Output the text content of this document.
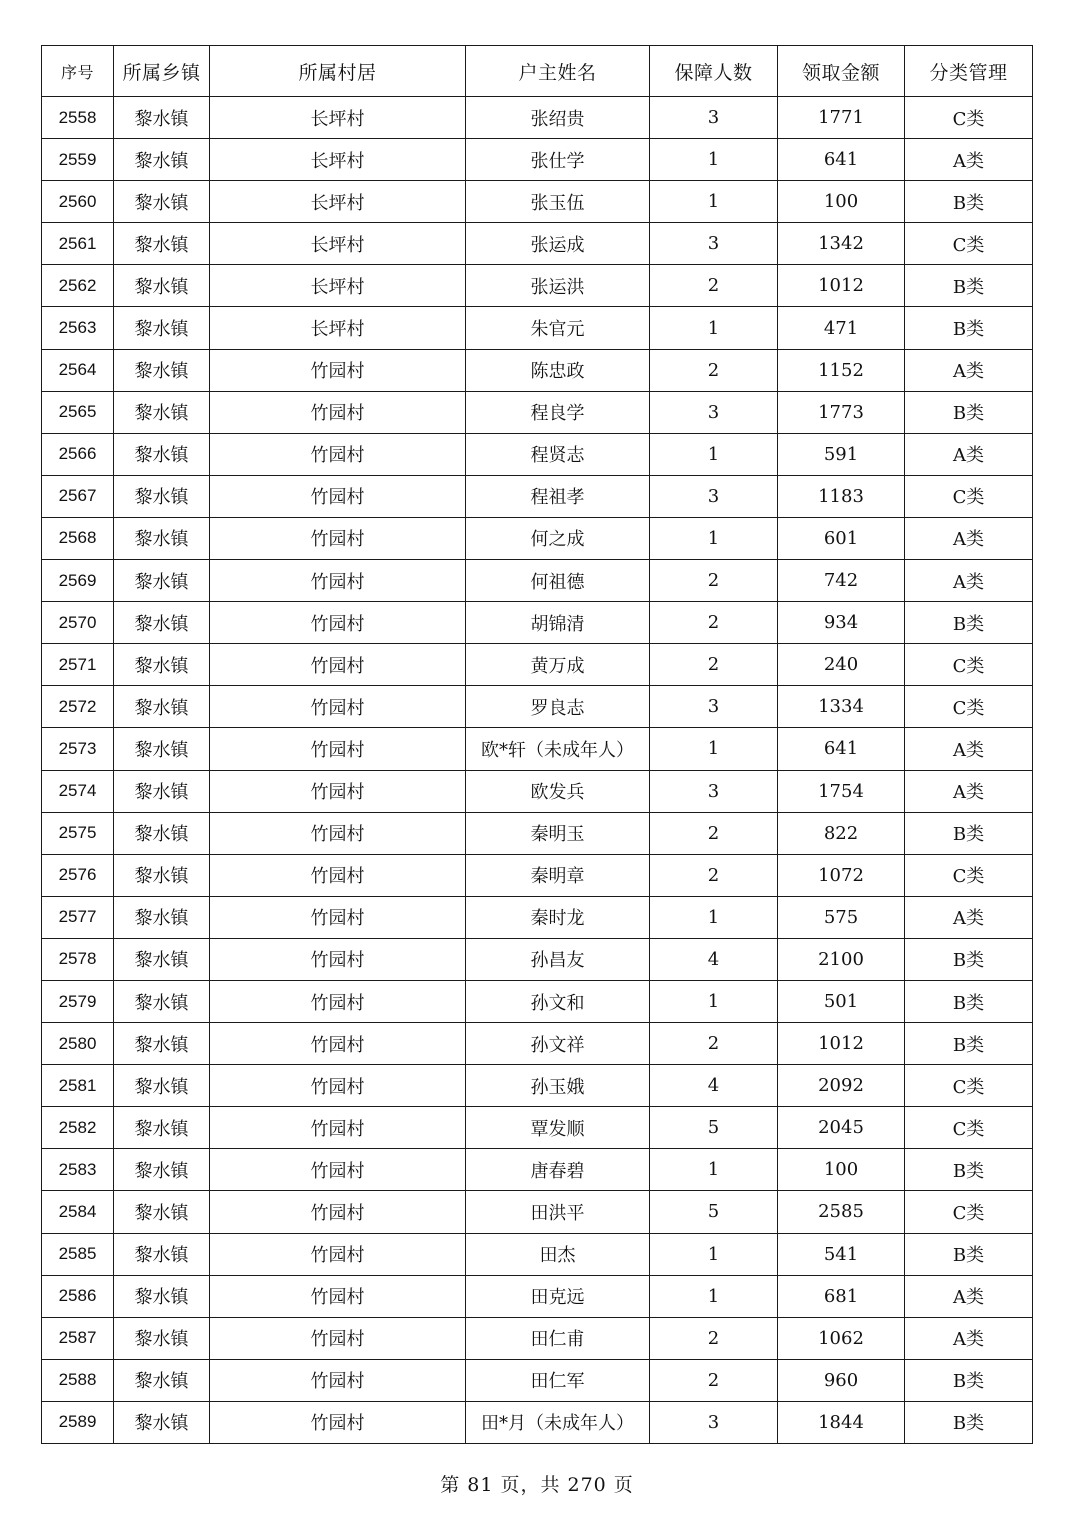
序号	所属乡镇	所属村居	户主姓名	保障人数	领取金额	分类管理
2558	黎水镇	长坪村	张绍贵	3	1771	C类
2559	黎水镇	长坪村	张仕学	1	641	A类
2560	黎水镇	长坪村	张玉伍	1	100	B类
2561	黎水镇	长坪村	张运成	3	1342	C类
2562	黎水镇	长坪村	张运洪	2	1012	B类
2563	黎水镇	长坪村	朱官元	1	471	B类
2564	黎水镇	竹园村	陈忠政	2	1152	A类
2565	黎水镇	竹园村	程良学	3	1773	B类
2566	黎水镇	竹园村	程贤志	1	591	A类
2567	黎水镇	竹园村	程祖孝	3	1183	C类
2568	黎水镇	竹园村	何之成	1	601	A类
2569	黎水镇	竹园村	何祖德	2	742	A类
2570	黎水镇	竹园村	胡锦清	2	934	B类
2571	黎水镇	竹园村	黄万成	2	240	C类
2572	黎水镇	竹园村	罗良志	3	1334	C类
2573	黎水镇	竹园村	欧*轩（未成年人）	1	641	A类
2574	黎水镇	竹园村	欧发兵	3	1754	A类
2575	黎水镇	竹园村	秦明玉	2	822	B类
2576	黎水镇	竹园村	秦明章	2	1072	C类
2577	黎水镇	竹园村	秦时龙	1	575	A类
2578	黎水镇	竹园村	孙昌友	4	2100	B类
2579	黎水镇	竹园村	孙文和	1	501	B类
2580	黎水镇	竹园村	孙文祥	2	1012	B类
2581	黎水镇	竹园村	孙玉娥	4	2092	C类
2582	黎水镇	竹园村	覃发顺	5	2045	C类
2583	黎水镇	竹园村	唐春碧	1	100	B类
2584	黎水镇	竹园村	田洪平	5	2585	C类
2585	黎水镇	竹园村	田杰	1	541	B类
2586	黎水镇	竹园村	田克远	1	681	A类
2587	黎水镇	竹园村	田仁甫	2	1062	A类
2588	黎水镇	竹园村	田仁军	2	960	B类
2589	黎水镇	竹园村	田*月（未成年人）	3	1844	B类
第 81 页，共 270 页
